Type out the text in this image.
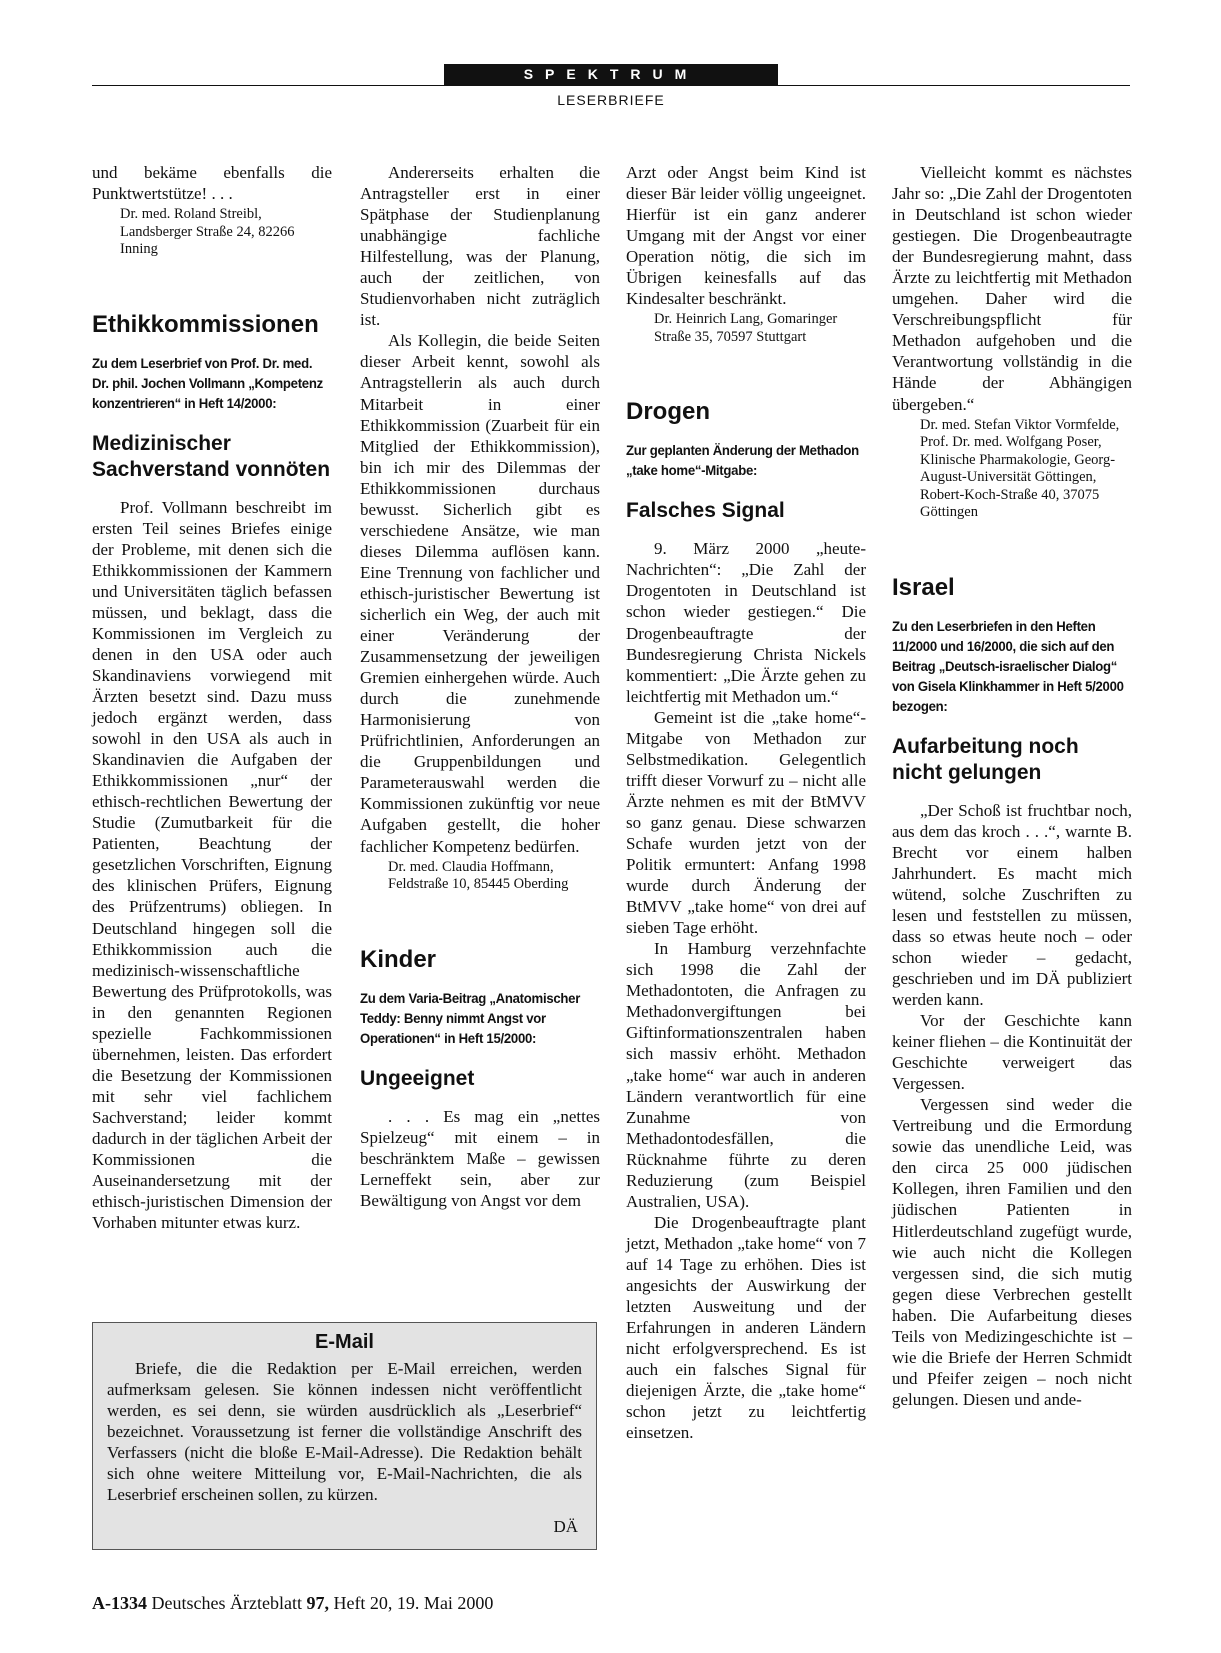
SPEKTRUM
LESERBRIEFE

und bekäme ebenfalls die Punktwertstütze! . . .

Dr. med. Roland Streibl, Landsberger Straße 24, 82266 Inning

Ethikkommissionen
Zu dem Leserbrief von Prof. Dr. med. Dr. phil. Jochen Vollmann „Kompetenz konzentrieren“ in Heft 14/2000:
Medizinischer Sachverstand vonnöten

Prof. Vollmann beschreibt im ersten Teil seines Briefes einige der Probleme, mit denen sich die Ethikkommissionen der Kammern und Universitäten täglich befassen müssen, und beklagt, dass die Kommissionen im Vergleich zu denen in den USA oder auch Skandinaviens vorwiegend mit Ärzten besetzt sind. Dazu muss jedoch ergänzt werden, dass sowohl in den USA als auch in Skandinavien die Aufgaben der Ethikkommissionen „nur“ der ethisch-rechtlichen Bewertung der Studie (Zumutbarkeit für die Patienten, Beachtung der gesetzlichen Vorschriften, Eignung des klinischen Prüfers, Eignung des Prüfzentrums) obliegen. In Deutschland hingegen soll die Ethikkommission auch die medizinisch-wissenschaftliche Bewertung des Prüfprotokolls, was in den genannten Regionen spezielle Fachkommissionen übernehmen, leisten. Das erfordert die Besetzung der Kommissionen mit sehr viel fachlichem Sachverstand; leider kommt dadurch in der täglichen Arbeit der Kommissionen die Auseinandersetzung mit der ethisch-juristischen Dimension der Vorhaben mitunter etwas kurz.

Andererseits erhalten die Antragsteller erst in einer Spätphase der Studienplanung unabhängige fachliche Hilfestellung, was der Planung, auch der zeitlichen, von Studienvorhaben nicht zuträglich ist.

Als Kollegin, die beide Seiten dieser Arbeit kennt, sowohl als Antragstellerin als auch durch Mitarbeit in einer Ethikkommission (Zuarbeit für ein Mitglied der Ethikkommission), bin ich mir des Dilemmas der Ethikkommissionen durchaus bewusst. Sicherlich gibt es verschiedene Ansätze, wie man dieses Dilemma auflösen kann. Eine Trennung von fachlicher und ethisch-juristischer Bewertung ist sicherlich ein Weg, der auch mit einer Veränderung der Zusammensetzung der jeweiligen Gremien einhergehen würde. Auch durch die zunehmende Harmonisierung von Prüfrichtlinien, Anforderungen an die Gruppenbildungen und Parameterauswahl werden die Kommissionen zukünftig vor neue Aufgaben gestellt, die hoher fachlicher Kompetenz bedürfen.

Dr. med. Claudia Hoffmann, Feldstraße 10, 85445 Oberding

Kinder
Zu dem Varia-Beitrag „Anatomischer Teddy: Benny nimmt Angst vor Operationen“ in Heft 15/2000:
Ungeeignet

. . . Es mag ein „nettes Spielzeug“ mit einem – in beschränktem Maße – gewissen Lerneffekt sein, aber zur Bewältigung von Angst vor dem

Arzt oder Angst beim Kind ist dieser Bär leider völlig ungeeignet. Hierfür ist ein ganz anderer Umgang mit der Angst vor einer Operation nötig, die sich im Übrigen keinesfalls auf das Kindesalter beschränkt.

Dr. Heinrich Lang, Gomaringer Straße 35, 70597 Stuttgart

Drogen
Zur geplanten Änderung der Methadon „take home“-Mitgabe:
Falsches Signal

9. März 2000 „heute-Nachrichten“: „Die Zahl der Drogentoten in Deutschland ist schon wieder gestiegen.“ Die Drogenbeauftragte der Bundesregierung Christa Nickels kommentiert: „Die Ärzte gehen zu leichtfertig mit Methadon um.“

Gemeint ist die „take home“-Mitgabe von Methadon zur Selbstmedikation. Gelegentlich trifft dieser Vorwurf zu – nicht alle Ärzte nehmen es mit der BtMVV so ganz genau. Diese schwarzen Schafe wurden jetzt von der Politik ermuntert: Anfang 1998 wurde durch Änderung der BtMVV „take home“ von drei auf sieben Tage erhöht.

In Hamburg verzehnfachte sich 1998 die Zahl der Methadontoten, die Anfragen zu Methadonvergiftungen bei Giftinformationszentralen haben sich massiv erhöht. Methadon „take home“ war auch in anderen Ländern verantwortlich für eine Zunahme von Methadontodesfällen, die Rücknahme führte zu deren Reduzierung (zum Beispiel Australien, USA).

Die Drogenbeauftragte plant jetzt, Methadon „take home“ von 7 auf 14 Tage zu erhöhen. Dies ist angesichts der Auswirkung der letzten Ausweitung und der Erfahrungen in anderen Ländern nicht erfolgversprechend. Es ist auch ein falsches Signal für diejenigen Ärzte, die „take home“ schon jetzt zu leichtfertig einsetzen.

Vielleicht kommt es nächstes Jahr so: „Die Zahl der Drogentoten in Deutschland ist schon wieder gestiegen. Die Drogenbeautragte der Bundesregierung mahnt, dass Ärzte zu leichtfertig mit Methadon umgehen. Daher wird die Verschreibungspflicht für Methadon aufgehoben und die Verantwortung vollständig in die Hände der Abhängigen übergeben.“

Dr. med. Stefan Viktor Vormfelde, Prof. Dr. med. Wolfgang Poser, Klinische Pharmakologie, Georg-August-Universität Göttingen, Robert-Koch-Straße 40, 37075 Göttingen

Israel
Zu den Leserbriefen in den Heften 11/2000 und 16/2000, die sich auf den Beitrag „Deutsch-israelischer Dialog“ von Gisela Klinkhammer in Heft 5/2000 bezogen:
Aufarbeitung noch nicht gelungen

„Der Schoß ist fruchtbar noch, aus dem das kroch . . .“, warnte B. Brecht vor einem halben Jahrhundert. Es macht mich wütend, solche Zuschriften zu lesen und feststellen zu müssen, dass so etwas heute noch – oder schon wieder – gedacht, geschrieben und im DÄ publiziert werden kann.

Vor der Geschichte kann keiner fliehen – die Kontinuität der Geschichte verweigert das Vergessen.

Vergessen sind weder die Vertreibung und die Ermordung sowie das unendliche Leid, was den circa 25 000 jüdischen Kollegen, ihren Familien und den jüdischen Patienten in Hitlerdeutschland zugefügt wurde, wie auch nicht die Kollegen vergessen sind, die sich mutig gegen diese Verbrechen gestellt haben. Die Aufarbeitung dieses Teils von Medizingeschichte ist – wie die Briefe der Herren Schmidt und Pfeifer zeigen – noch nicht gelungen. Diesen und ande-

E-Mail

Briefe, die die Redaktion per E-Mail erreichen, werden aufmerksam gelesen. Sie können indessen nicht veröffentlicht werden, es sei denn, sie würden ausdrücklich als „Leserbrief“ bezeichnet. Voraussetzung ist ferner die vollständige Anschrift des Verfassers (nicht die bloße E-Mail-Adresse). Die Redaktion behält sich ohne weitere Mitteilung vor, E-Mail-Nachrichten, die als Leserbrief erscheinen sollen, zu kürzen.

DÄ
A-1334 Deutsches Ärzteblatt 97, Heft 20, 19. Mai 2000
